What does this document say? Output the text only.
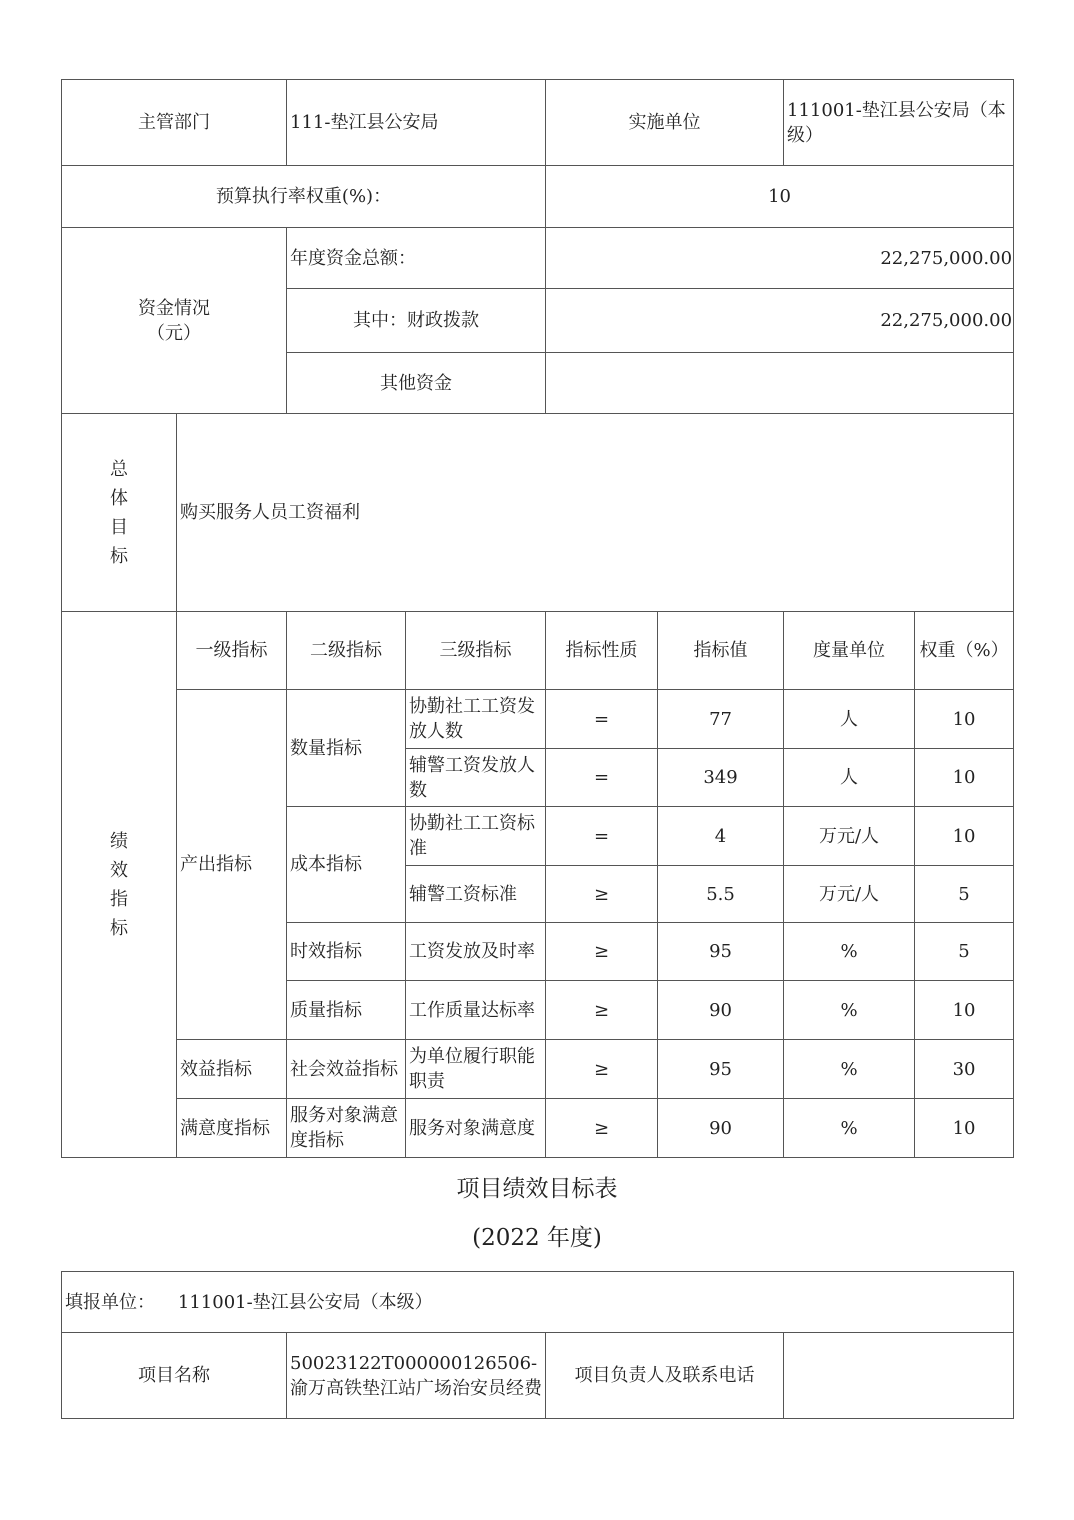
主管部门		111-垫江县公安局		实施单位		111001-垫江县公安局（本级）	
预算执行率权重(%)：				10			

资金情况（元）		年度资金总额：		22,275,000.00			
		其中：财政拨款		22,275,000.00			
		其他资金					

总
体
目
标	购买服务人员工资福利						

绩
效
指
标	一级指标	二级指标	三级指标	指标性质	指标值	度量单位	权重（%）
	产出指标	数量指标	协勤社工工资发放人数	=	77	人	10
			辅警工资发放人数	=	349	人	10
		成本指标	协勤社工工资标准	=	4	万元/人	10
			辅警工资标准	≥	5.5	万元/人	5
		时效指标	工资发放及时率	≥	95	%	5
		质量指标	工作质量达标率	≥	90	%	10
	效益指标	社会效益指标	为单位履行职能职责	≥	95	%	30
	满意度指标	服务对象满意度指标	服务对象满意度	≥	90	%	10
项目绩效目标表
(2022 年度)
填报单位：    111001-垫江县公安局（本级）
项目名称	50023122T000000126506-渝万高铁垫江站广场治安员经费	项目负责人及联系电话	
